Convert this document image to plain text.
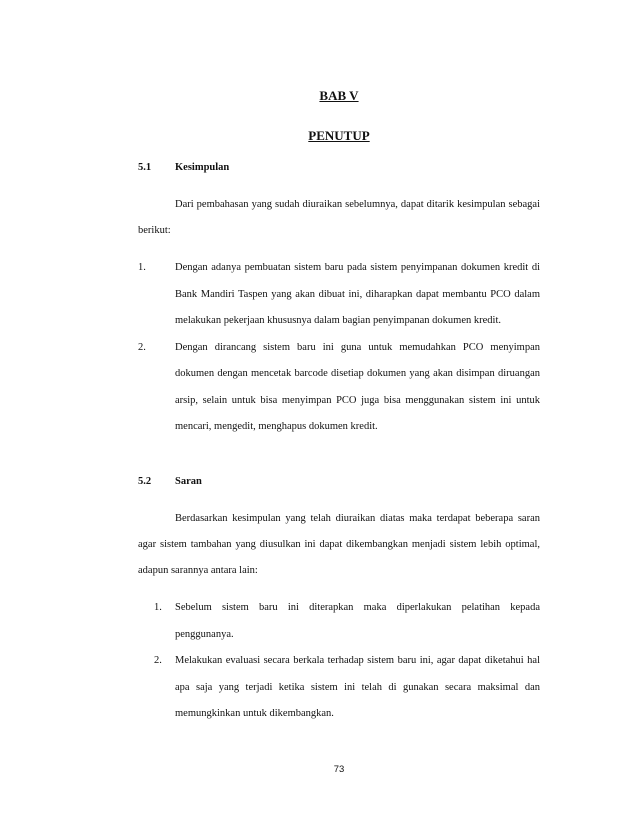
BAB V
PENUTUP
5.1 Kesimpulan

Dari pembahasan yang sudah diuraikan sebelumnya, dapat ditarik kesimpulan sebagai berikut:

1.	Dengan adanya pembuatan sistem baru pada sistem penyimpanan dokumen kredit di Bank Mandiri Taspen yang akan dibuat ini, diharapkan dapat membantu PCO dalam melakukan pekerjaan khususnya dalam bagian penyimpanan dokumen kredit.
2.	Dengan dirancang sistem baru ini guna untuk memudahkan PCO menyimpan dokumen dengan mencetak barcode disetiap dokumen yang akan disimpan diruangan arsip, selain untuk bisa menyimpan PCO juga bisa menggunakan sistem ini untuk mencari, mengedit, menghapus dokumen kredit.
5.2 Saran

Berdasarkan kesimpulan yang telah diuraikan diatas maka terdapat beberapa saran agar sistem tambahan yang diusulkan ini dapat dikembangkan menjadi sistem lebih optimal, adapun sarannya antara lain:

1. Sebelum sistem baru ini diterapkan maka diperlakukan pelatihan kepada penggunanya.
2. Melakukan evaluasi secara berkala terhadap sistem baru ini, agar dapat diketahui hal apa saja yang terjadi ketika sistem ini telah di gunakan secara maksimal dan memungkinkan untuk dikembangkan.
73
